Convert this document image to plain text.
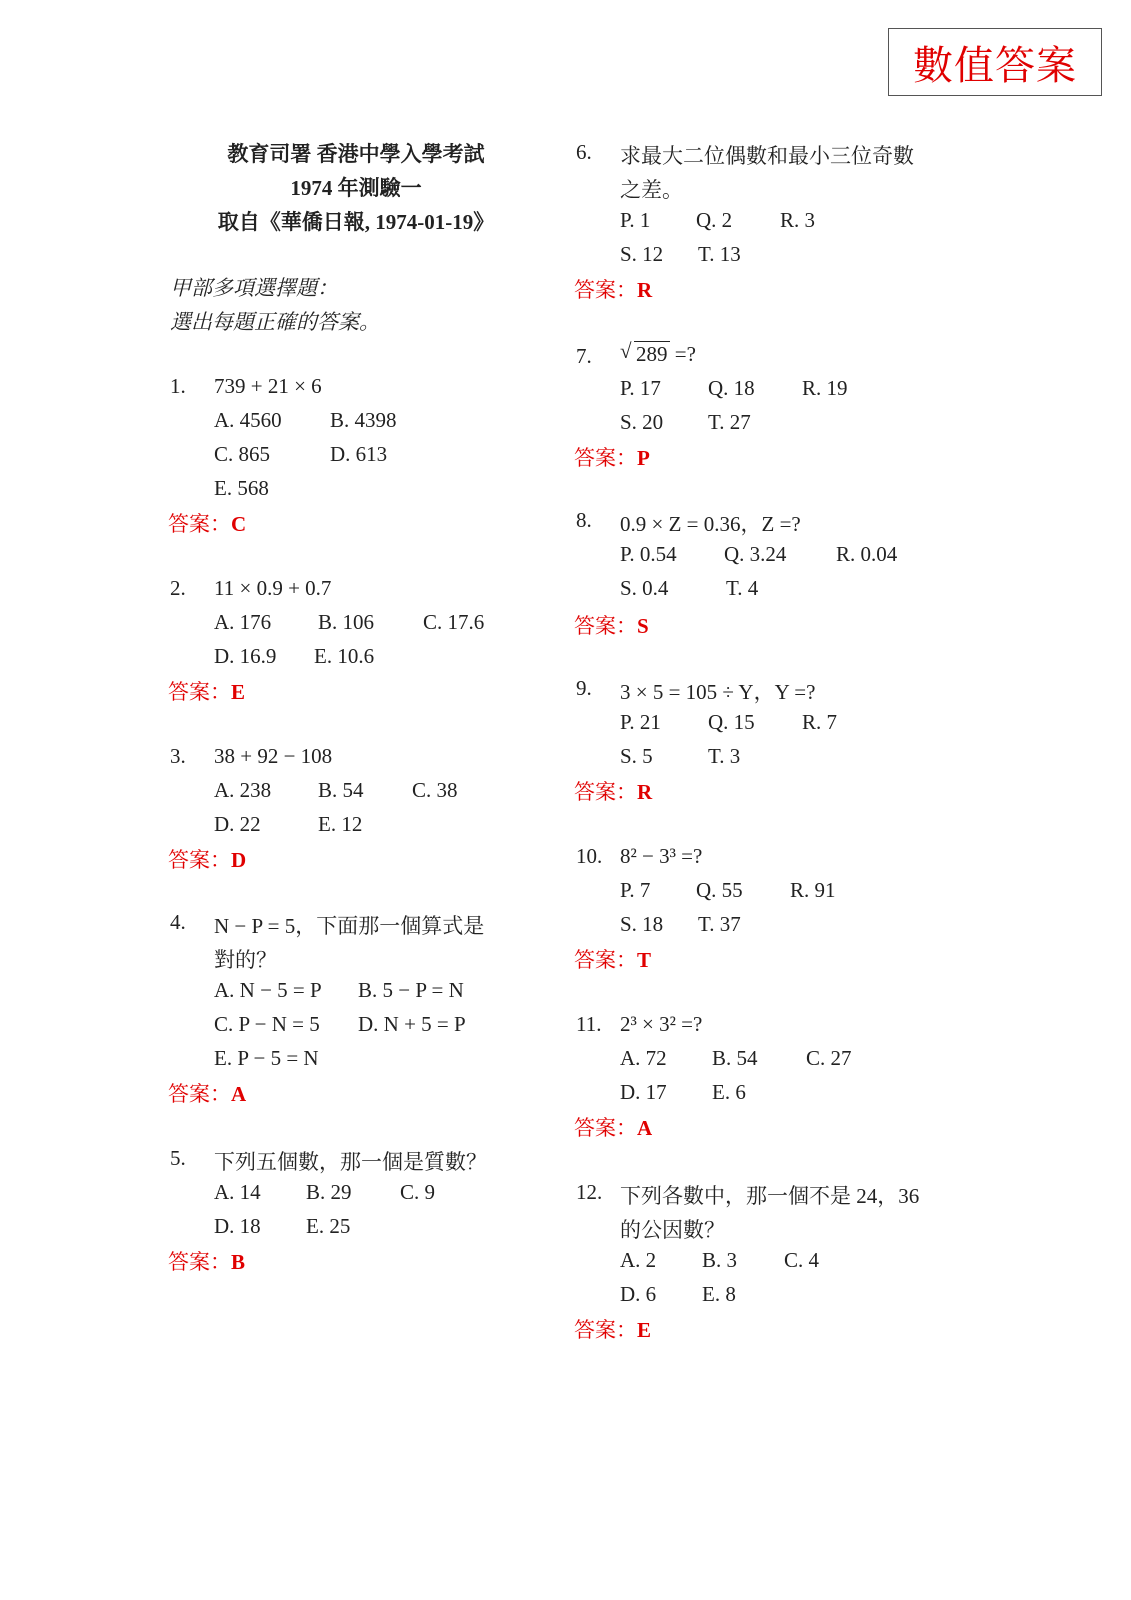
數值答案
教育司署 香港中學入學考試
1974 年測驗一
取自《華僑日報, 1974-01-19》
甲部多項選擇題：
選出每題正確的答案。
1. 739 + 21 × 6
A. 4560 B. 4398
C. 865	D. 613
E. 568
答案：C
2. 11 × 0.9 + 0.7
A. 176 B. 106 C. 17.6
D. 16.9 E. 10.6
答案：E
3. 38 + 92 − 108
A. 238 B. 54 C. 38
D. 22	E. 12
答案：D
4. N − P = 5，下面那一個算式是
對的？
A. N − 5 = P B. 5 − P = N
C. P − N = 5 D. N + 5 = P
E. P − 5 = N
答案：A
5. 下列五個數，那一個是質數？
A. 14 B. 29 C. 9
D. 18 E. 25
答案：B
6. 求最大二位偶數和最小三位奇數
之差。
P. 1 Q. 2 R. 3
S. 12 T. 13
答案：R
7. √ 289 =?
P. 17 Q. 18 R. 19
S. 20 T. 27
答案：P
8. 0.9 × Z = 0.36，Z =?
P. 0.54 Q. 3.24 R. 0.04
S. 0.4	T. 4
答案：S
9. 3 × 5 = 105 ÷ Y，Y =?
P. 21 Q. 15 R. 7
S. 5	T. 3
答案：R
10. 8² − 3³ =?
P. 7 Q. 55 R. 91
S. 18 T. 37
答案：T
11. 2³ × 3² =?
A. 72 B. 54 C. 27
D. 17 E. 6
答案：A
12. 下列各數中，那一個不是 24，36
的公因數？
A. 2 B. 3 C. 4
D. 6 E. 8
答案：E
